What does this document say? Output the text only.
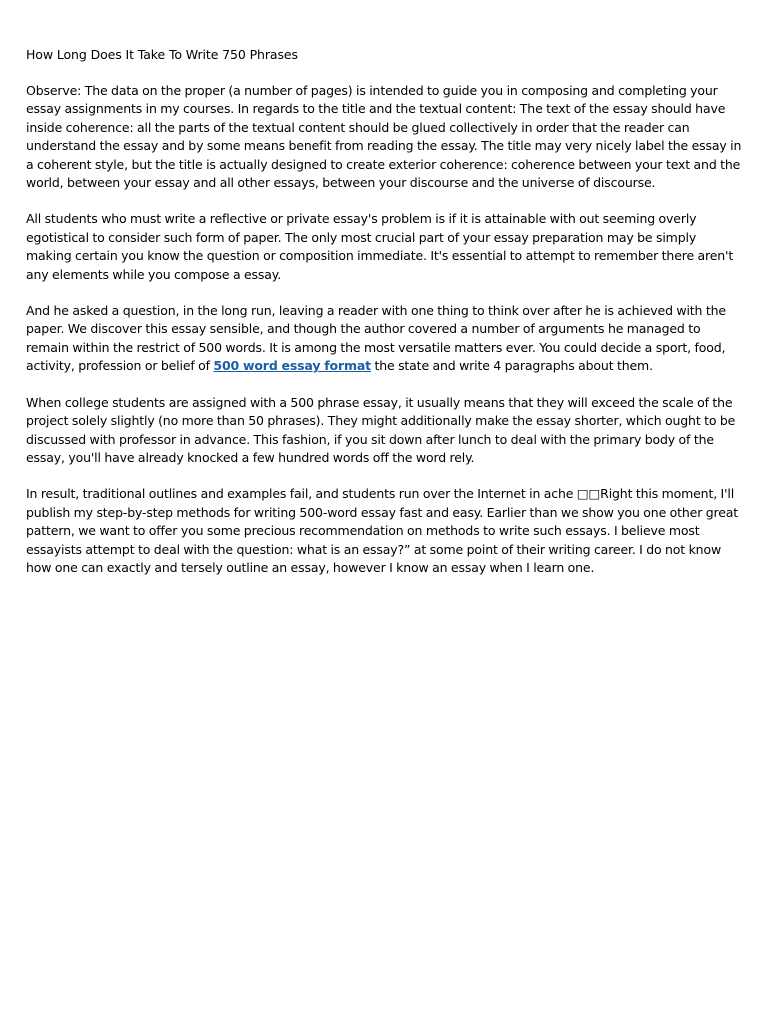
How Long Does It Take To Write 750 Phrases

Observe: The data on the proper (a number of pages) is intended to guide you in composing and completing your essay assignments in my courses. In regards to the title and the textual content: The text of the essay should have inside coherence: all the parts of the textual content should be glued collectively in order that the reader can understand the essay and by some means benefit from reading the essay. The title may very nicely label the essay in a coherent style, but the title is actually designed to create exterior coherence: coherence between your text and the world, between your essay and all other essays, between your discourse and the universe of discourse.

All students who must write a reflective or private essay's problem is if it is attainable with out seeming overly egotistical to consider such form of paper. The only most crucial part of your essay preparation may be simply making certain you know the question or composition immediate. It's essential to attempt to remember there aren't any elements while you compose a essay.

And he asked a question, in the long run, leaving a reader with one thing to think over after he is achieved with the paper. We discover this essay sensible, and though the author covered a number of arguments he managed to remain within the restrict of 500 words. It is among the most versatile matters ever. You could decide a sport, food, activity, profession or belief of 500 word essay format the state and write 4 paragraphs about them.

When college students are assigned with a 500 phrase essay, it usually means that they will exceed the scale of the project solely slightly (no more than 50 phrases). They might additionally make the essay shorter, which ought to be discussed with professor in advance. This fashion, if you sit down after lunch to deal with the primary body of the essay, you'll have already knocked a few hundred words off the word rely.

In result, traditional outlines and examples fail, and students run over the Internet in ache □□Right this moment, I'll publish my step-by-step methods for writing 500-word essay fast and easy. Earlier than we show you one other great pattern, we want to offer you some precious recommendation on methods to write such essays. I believe most essayists attempt to deal with the question: what is an essay?” at some point of their writing career. I do not know how one can exactly and tersely outline an essay, however I know an essay when I learn one.
